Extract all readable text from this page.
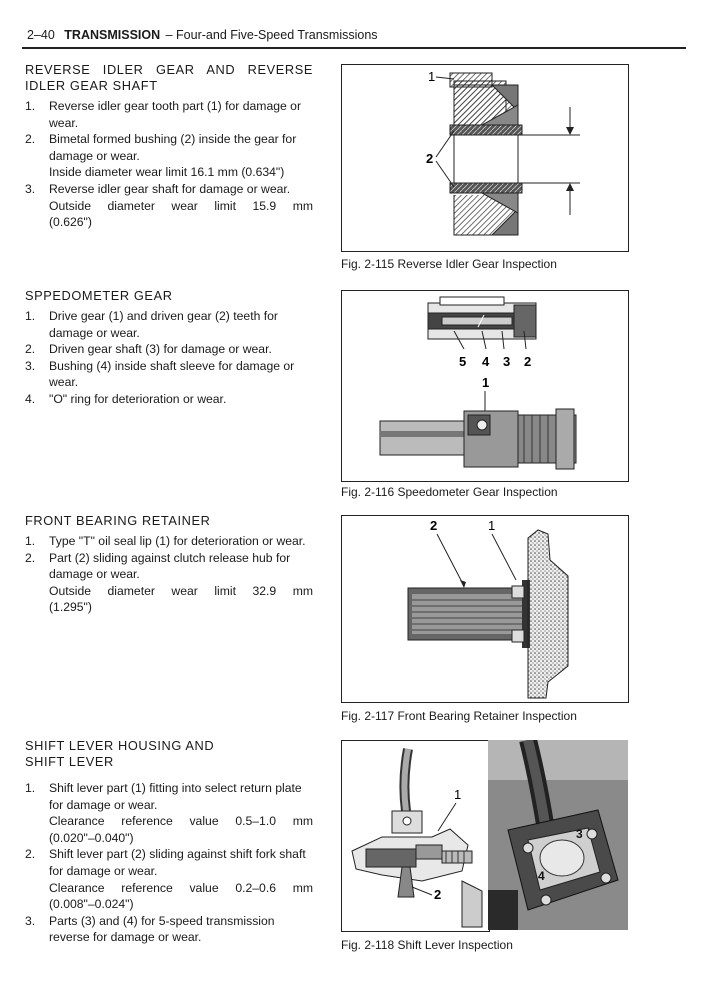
2–40 TRANSMISSION – Four-and Five-Speed Transmissions
REVERSE IDLER GEAR AND REVERSE
IDLER GEAR SHAFT
1. Reverse idler gear tooth part (1) for damage or wear.
2. Bimetal formed bushing (2) inside the gear for damage or wear.
Inside diameter wear limit 16.1 mm (0.634")
3. Reverse idler gear shaft for damage or wear.
Outside diameter wear limit 15.9 mm
(0.626")
SPPEDOMETER GEAR
1. Drive gear (1) and driven gear (2) teeth for damage or wear.
2. Driven gear shaft (3) for damage or wear.
3. Bushing (4) inside shaft sleeve for damage or wear.
4. "O" ring for deterioration or wear.
FRONT BEARING RETAINER
1. Type "T" oil seal lip (1) for deterioration or wear.
2. Part (2) sliding against clutch release hub for damage or wear.
Outside diameter wear limit 32.9 mm
(1.295")
SHIFT LEVER HOUSING AND
SHIFT LEVER
1. Shift lever part (1) fitting into select return plate for damage or wear.
Clearance reference value 0.5–1.0 mm
(0.020"–0.040")
2. Shift lever part (2) sliding against shift fork shaft for damage or wear.
Clearance reference value 0.2–0.6 mm
(0.008"–0.024")
3. Parts (3) and (4) for 5-speed transmission reverse for damage or wear.
1
2
Fig. 2-115 Reverse Idler Gear Inspection
5 4 3 2
1
Fig. 2-116 Speedometer Gear Inspection
2	1
Fig. 2-117 Front Bearing Retainer Inspection
1
2
3
4
Fig. 2-118 Shift Lever Inspection
